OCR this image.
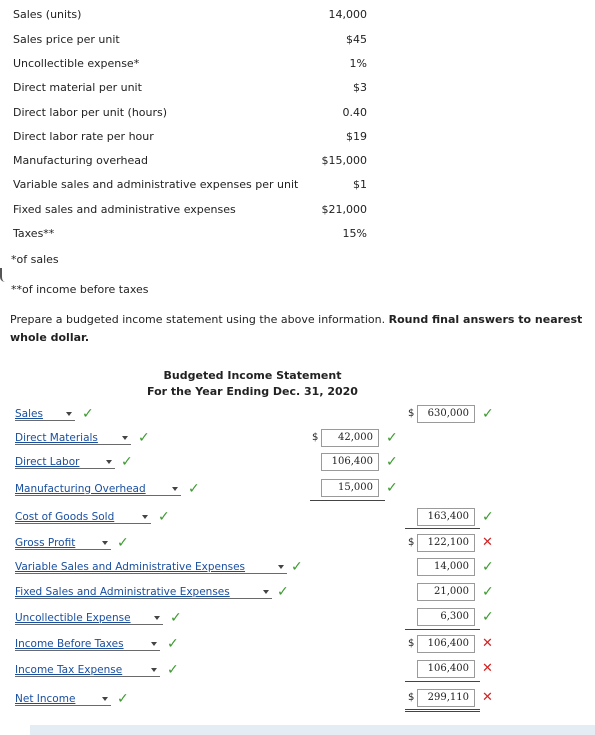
Sales (units)	14,000
Sales price per unit	$45
Uncollectible expense*	1%
Direct material per unit	$3
Direct labor per unit (hours)	0.40
Direct labor rate per hour	$19
Manufacturing overhead	$15,000
Variable sales and administrative expenses per unit	$1
Fixed sales and administrative expenses	$21,000
Taxes**	15%
*of sales
**of income before taxes
Prepare a budgeted income statement using the above information. Round final answers to nearest whole dollar.
Budgeted Income Statement
For the Year Ending Dec. 31, 2020
Sales	✓	$	630,000 ✓
Direct Materials	✓	$	42,000 ✓
Direct Labor	✓	106,400 ✓
Manufacturing Overhead	✓	15,000 ✓
Cost of Goods Sold	✓	163,400 ✓
Gross Profit	✓	$	122,100	✕
Variable Sales and Administrative Expenses	✓	14,000 ✓
Fixed Sales and Administrative Expenses	✓	21,000 ✓
Uncollectible Expense	✓	6,300 ✓
Income Before Taxes	✓	$	106,400	✕
Income Tax Expense	✓	106,400	✕
Net Income	✓	$	299,110	✕
